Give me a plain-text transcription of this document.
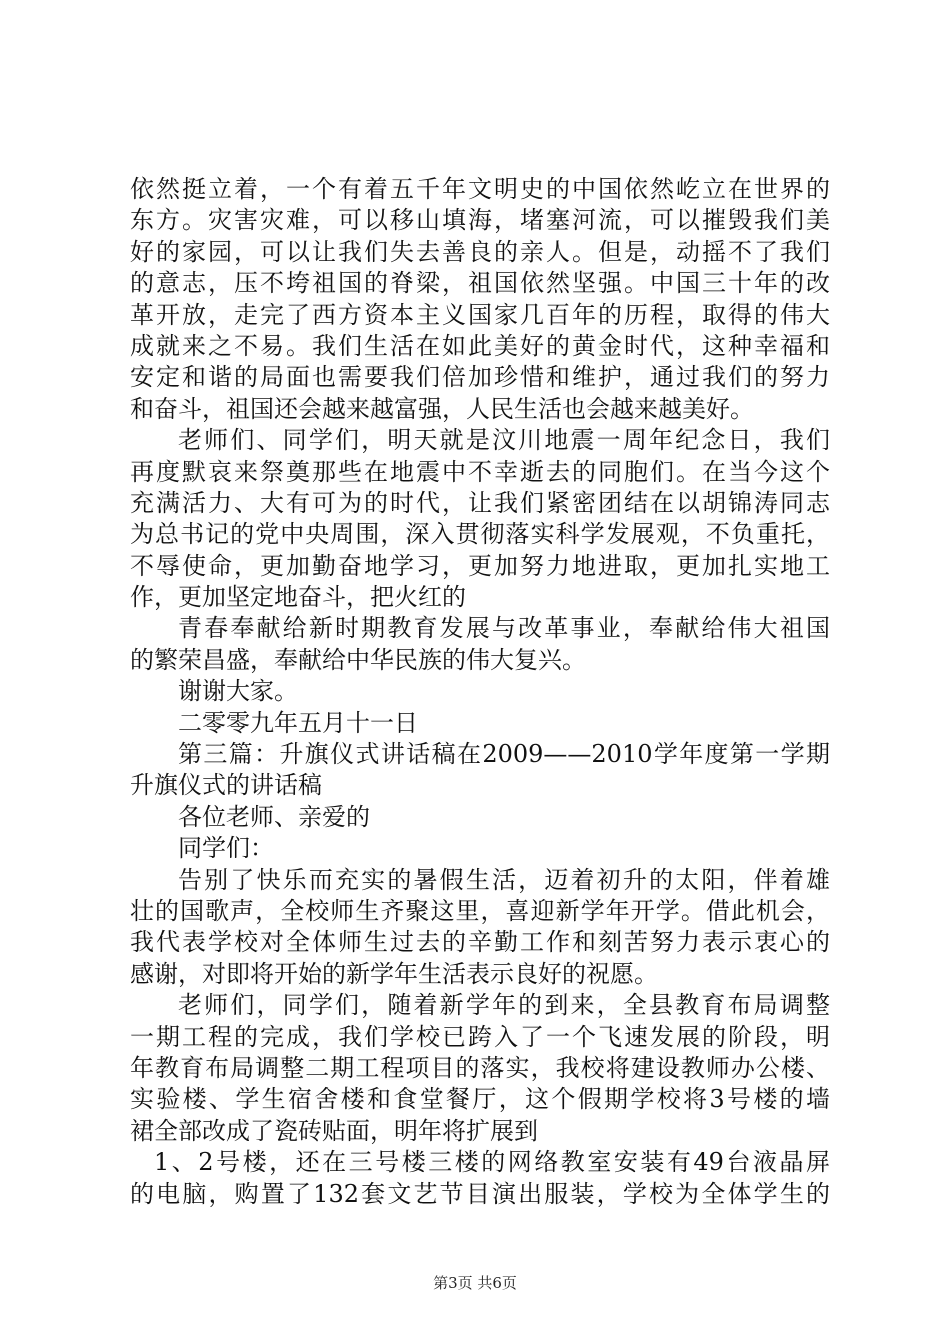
依然挺立着，一个有着五千年文明史的中国依然屹立在世界的
东方。灾害灾难，可以移山填海，堵塞河流，可以摧毁我们美
好的家园，可以让我们失去善良的亲人。但是，动摇不了我们
的意志，压不垮祖国的脊梁，祖国依然坚强。中国三十年的改
革开放，走完了西方资本主义国家几百年的历程，取得的伟大
成就来之不易。我们生活在如此美好的黄金时代，这种幸福和
安定和谐的局面也需要我们倍加珍惜和维护，通过我们的努力
和奋斗，祖国还会越来越富强，人民生活也会越来越美好。
老师们、同学们，明天就是汶川地震一周年纪念日，我们
再度默哀来祭奠那些在地震中不幸逝去的同胞们。在当今这个
充满活力、大有可为的时代，让我们紧密团结在以胡锦涛同志
为总书记的党中央周围，深入贯彻落实科学发展观，不负重托，
不辱使命，更加勤奋地学习，更加努力地进取，更加扎实地工
作，更加坚定地奋斗，把火红的
青春奉献给新时期教育发展与改革事业，奉献给伟大祖国
的繁荣昌盛，奉献给中华民族的伟大复兴。
谢谢大家。
二零零九年五月十一日
第三篇：升旗仪式讲话稿在2009——2010学年度第一学期
升旗仪式的讲话稿
各位老师、亲爱的
同学们：
告别了快乐而充实的暑假生活，迈着初升的太阳，伴着雄
壮的国歌声，全校师生齐聚这里，喜迎新学年开学。借此机会，
我代表学校对全体师生过去的辛勤工作和刻苦努力表示衷心的
感谢，对即将开始的新学年生活表示良好的祝愿。
老师们，同学们，随着新学年的到来，全县教育布局调整
一期工程的完成，我们学校已跨入了一个飞速发展的阶段，明
年教育布局调整二期工程项目的落实，我校将建设教师办公楼、
实验楼、学生宿舍楼和食堂餐厅，这个假期学校将3号楼的墙
裙全部改成了瓷砖贴面，明年将扩展到
1、2号楼，还在三号楼三楼的网络教室安装有49台液晶屏
的电脑，购置了132套文艺节目演出服装，学校为全体学生的
第3页 共6页
